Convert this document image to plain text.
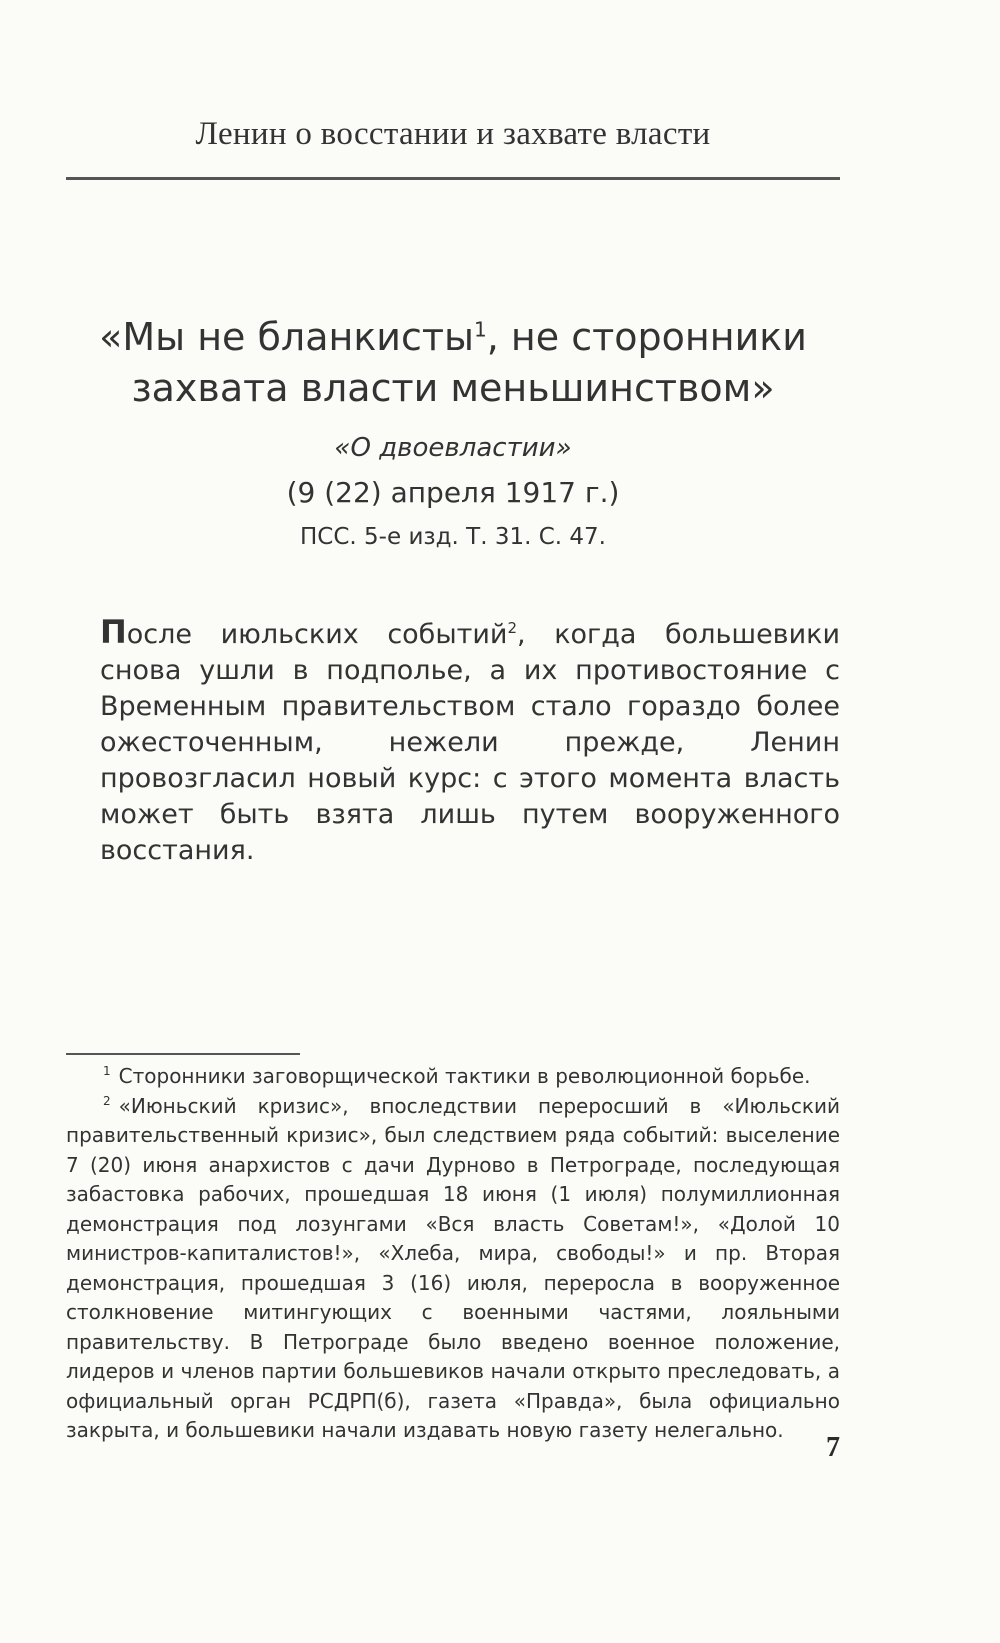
Ленин о восстании и захвате власти
«Мы не бланкисты$^1$, не сторонники захвата власти меньшинством»
«О двоевластии»
(9 (22) апреля 1917 г.)
ПСС. 5-е изд. Т. 31. С. 47.
После июльских событий$^2$, когда большевики снова ушли в подполье, а их противостояние с Временным правительством стало гораздо более ожесточенным, нежели прежде, Ленин провозгласил новый курс: с этого момента власть может быть взята лишь путем вооруженного восстания.

$^1$ Сторонники заговорщической тактики в революционной борьбе.

$^2$ «Июньский кризис», впоследствии переросший в «Июльский правительственный кризис», был следствием ряда событий: выселение 7 (20) июня анархистов с дачи Дурново в Петрограде, последующая забастовка рабочих, прошедшая 18 июня (1 июля) полумиллионная демонстрация под лозунгами «Вся власть Советам!», «Долой 10 министров-капиталистов!», «Хлеба, мира, свободы!» и пр. Вторая демонстрация, прошедшая 3 (16) июля, переросла в вооруженное столкновение митингующих с военными частями, лояльными правительству. В Петрограде было введено военное положение, лидеров и членов партии большевиков начали открыто преследовать, а официальный орган РСДРП(б), газета «Правда», была официально закрыта, и большевики начали издавать новую газету нелегально.

7
